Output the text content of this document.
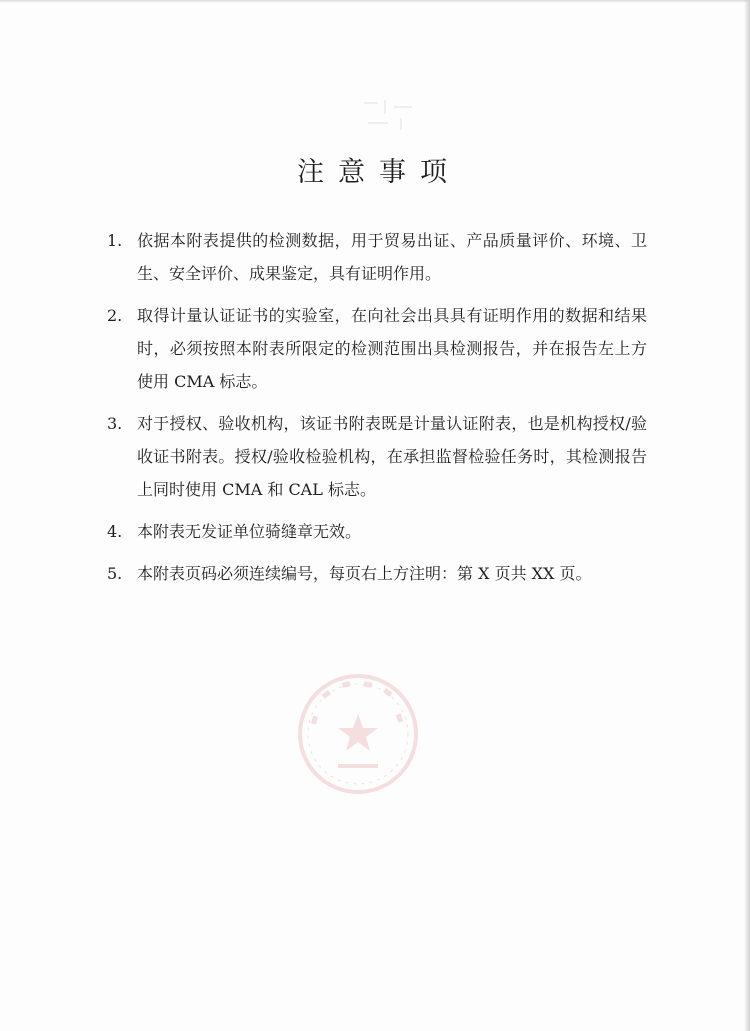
注意事项
1. 依据本附表提供的检测数据，用于贸易出证、产品质量评价、环境、卫生、安全评价、成果鉴定，具有证明作用。
2. 取得计量认证证书的实验室，在向社会出具具有证明作用的数据和结果时，必须按照本附表所限定的检测范围出具检测报告，并在报告左上方使用 CMA 标志。
3. 对于授权、验收机构，该证书附表既是计量认证附表，也是机构授权/验收证书附表。授权/验收检验机构，在承担监督检验任务时，其检测报告上同时使用 CMA 和 CAL 标志。
4. 本附表无发证单位骑缝章无效。
5. 本附表页码必须连续编号，每页右上方注明：第 X 页共 XX 页。
